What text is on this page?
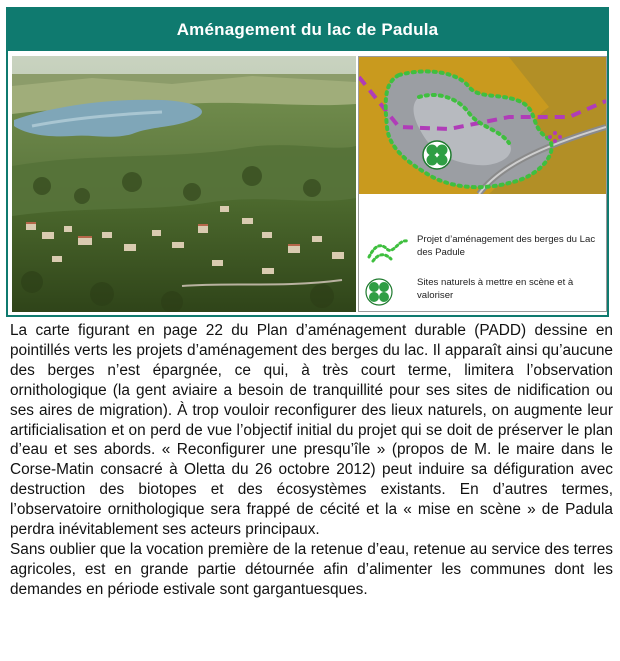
Aménagement du lac de Padula
Projet d’aménagement des berges du Lac des Padule
Sites naturels à mettre en scène et à valoriser

La carte figurant en page 22 du Plan d’aménagement durable (PADD) dessine en pointillés verts les projets d’aménagement des berges du lac. Il apparaît ainsi qu’aucune des berges n’est épargnée, ce qui, à très court terme, limitera l’observation ornithologique (la gent aviaire a besoin de tranquillité pour ses sites de nidification ou ses aires de migration). À trop vouloir reconfigurer des lieux naturels, on augmente leur artificialisation et on perd de vue l’objectif initial du projet qui se doit de préserver le plan d’eau et ses abords. « Reconfigurer une presqu’île » (propos de M. le maire dans le Corse-Matin consacré à Oletta du 26 octobre 2012) peut induire sa défiguration avec destruction des biotopes et des écosystèmes existants. En d’autres termes, l’observatoire ornithologique sera frappé de cécité et la « mise en scène » de Padula perdra inévitablement ses acteurs principaux.

Sans oublier que la vocation première de la retenue d’eau, retenue au service des terres agricoles, est en grande partie détournée afin d’alimenter les communes dont les demandes en période estivale sont gargantuesques.
